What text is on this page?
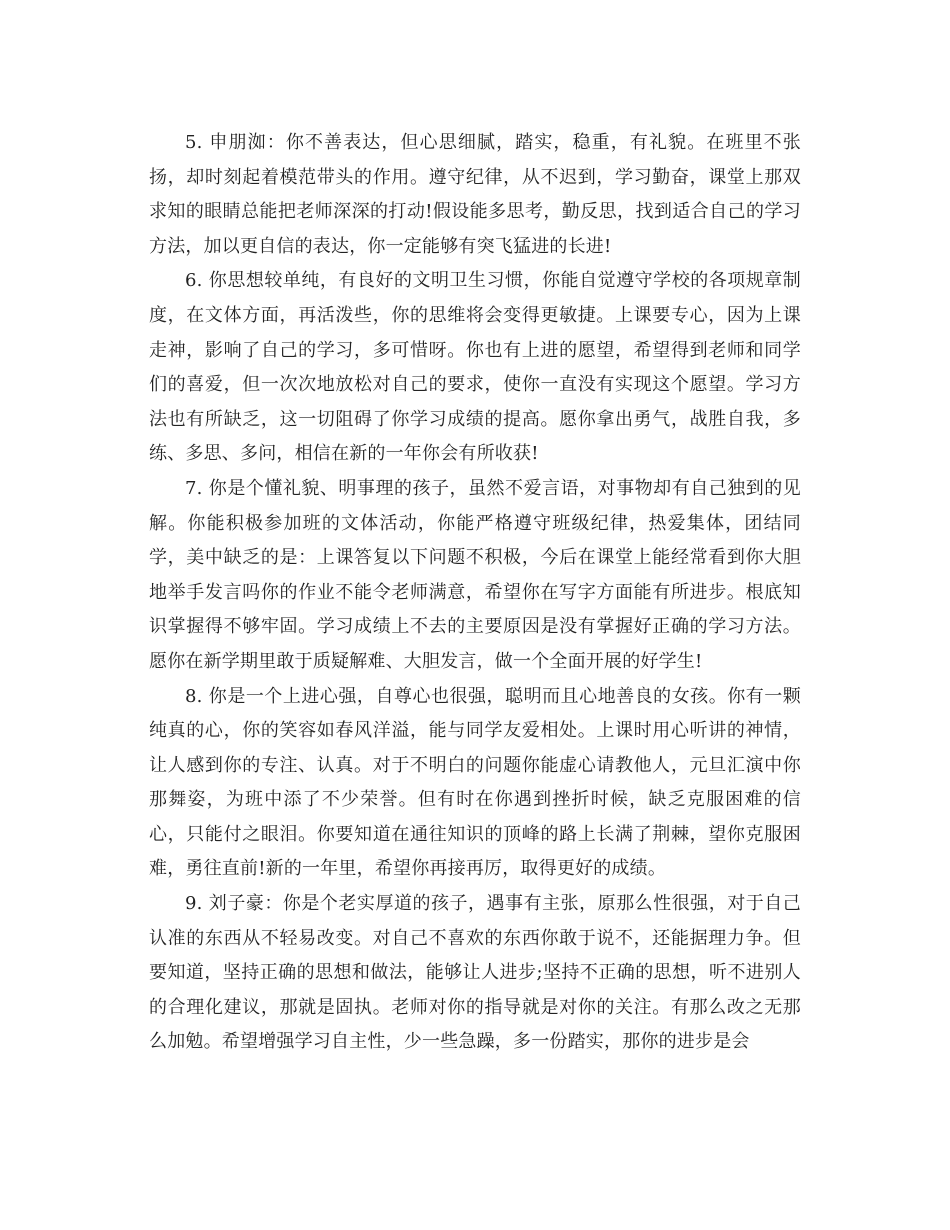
5. 申朋洳：你不善表达，但心思细腻，踏实，稳重，有礼貌。在班里不张扬，却时刻起着模范带头的作用。遵守纪律，从不迟到，学习勤奋，课堂上那双求知的眼睛总能把老师深深的打动!假设能多思考，勤反思，找到适合自己的学习方法，加以更自信的表达，你一定能够有突飞猛进的长进!

6. 你思想较单纯，有良好的文明卫生习惯，你能自觉遵守学校的各项规章制度，在文体方面，再活泼些，你的思维将会变得更敏捷。上课要专心，因为上课走神，影响了自己的学习，多可惜呀。你也有上进的愿望，希望得到老师和同学们的喜爱，但一次次地放松对自己的要求，使你一直没有实现这个愿望。学习方法也有所缺乏，这一切阻碍了你学习成绩的提高。愿你拿出勇气，战胜自我，多练、多思、多问，相信在新的一年你会有所收获!

7. 你是个懂礼貌、明事理的孩子，虽然不爱言语，对事物却有自己独到的见解。你能积极参加班的文体活动，你能严格遵守班级纪律，热爱集体，团结同学，美中缺乏的是：上课答复以下问题不积极，今后在课堂上能经常看到你大胆地举手发言吗你的作业不能令老师满意，希望你在写字方面能有所进步。根底知识掌握得不够牢固。学习成绩上不去的主要原因是没有掌握好正确的学习方法。愿你在新学期里敢于质疑解难、大胆发言，做一个全面开展的好学生!

8. 你是一个上进心强，自尊心也很强，聪明而且心地善良的女孩。你有一颗纯真的心，你的笑容如春风洋溢，能与同学友爱相处。上课时用心听讲的神情，让人感到你的专注、认真。对于不明白的问题你能虚心请教他人，元旦汇演中你那舞姿，为班中添了不少荣誉。但有时在你遇到挫折时候，缺乏克服困难的信心，只能付之眼泪。你要知道在通往知识的顶峰的路上长满了荆棘，望你克服困难，勇往直前!新的一年里，希望你再接再厉，取得更好的成绩。

9. 刘子豪：你是个老实厚道的孩子，遇事有主张，原那么性很强，对于自己认准的东西从不轻易改变。对自己不喜欢的东西你敢于说不，还能据理力争。但要知道，坚持正确的思想和做法，能够让人进步;坚持不正确的思想，听不进别人的合理化建议，那就是固执。老师对你的指导就是对你的关注。有那么改之无那么加勉。希望增强学习自主性，少一些急躁，多一份踏实，那你的进步是会
